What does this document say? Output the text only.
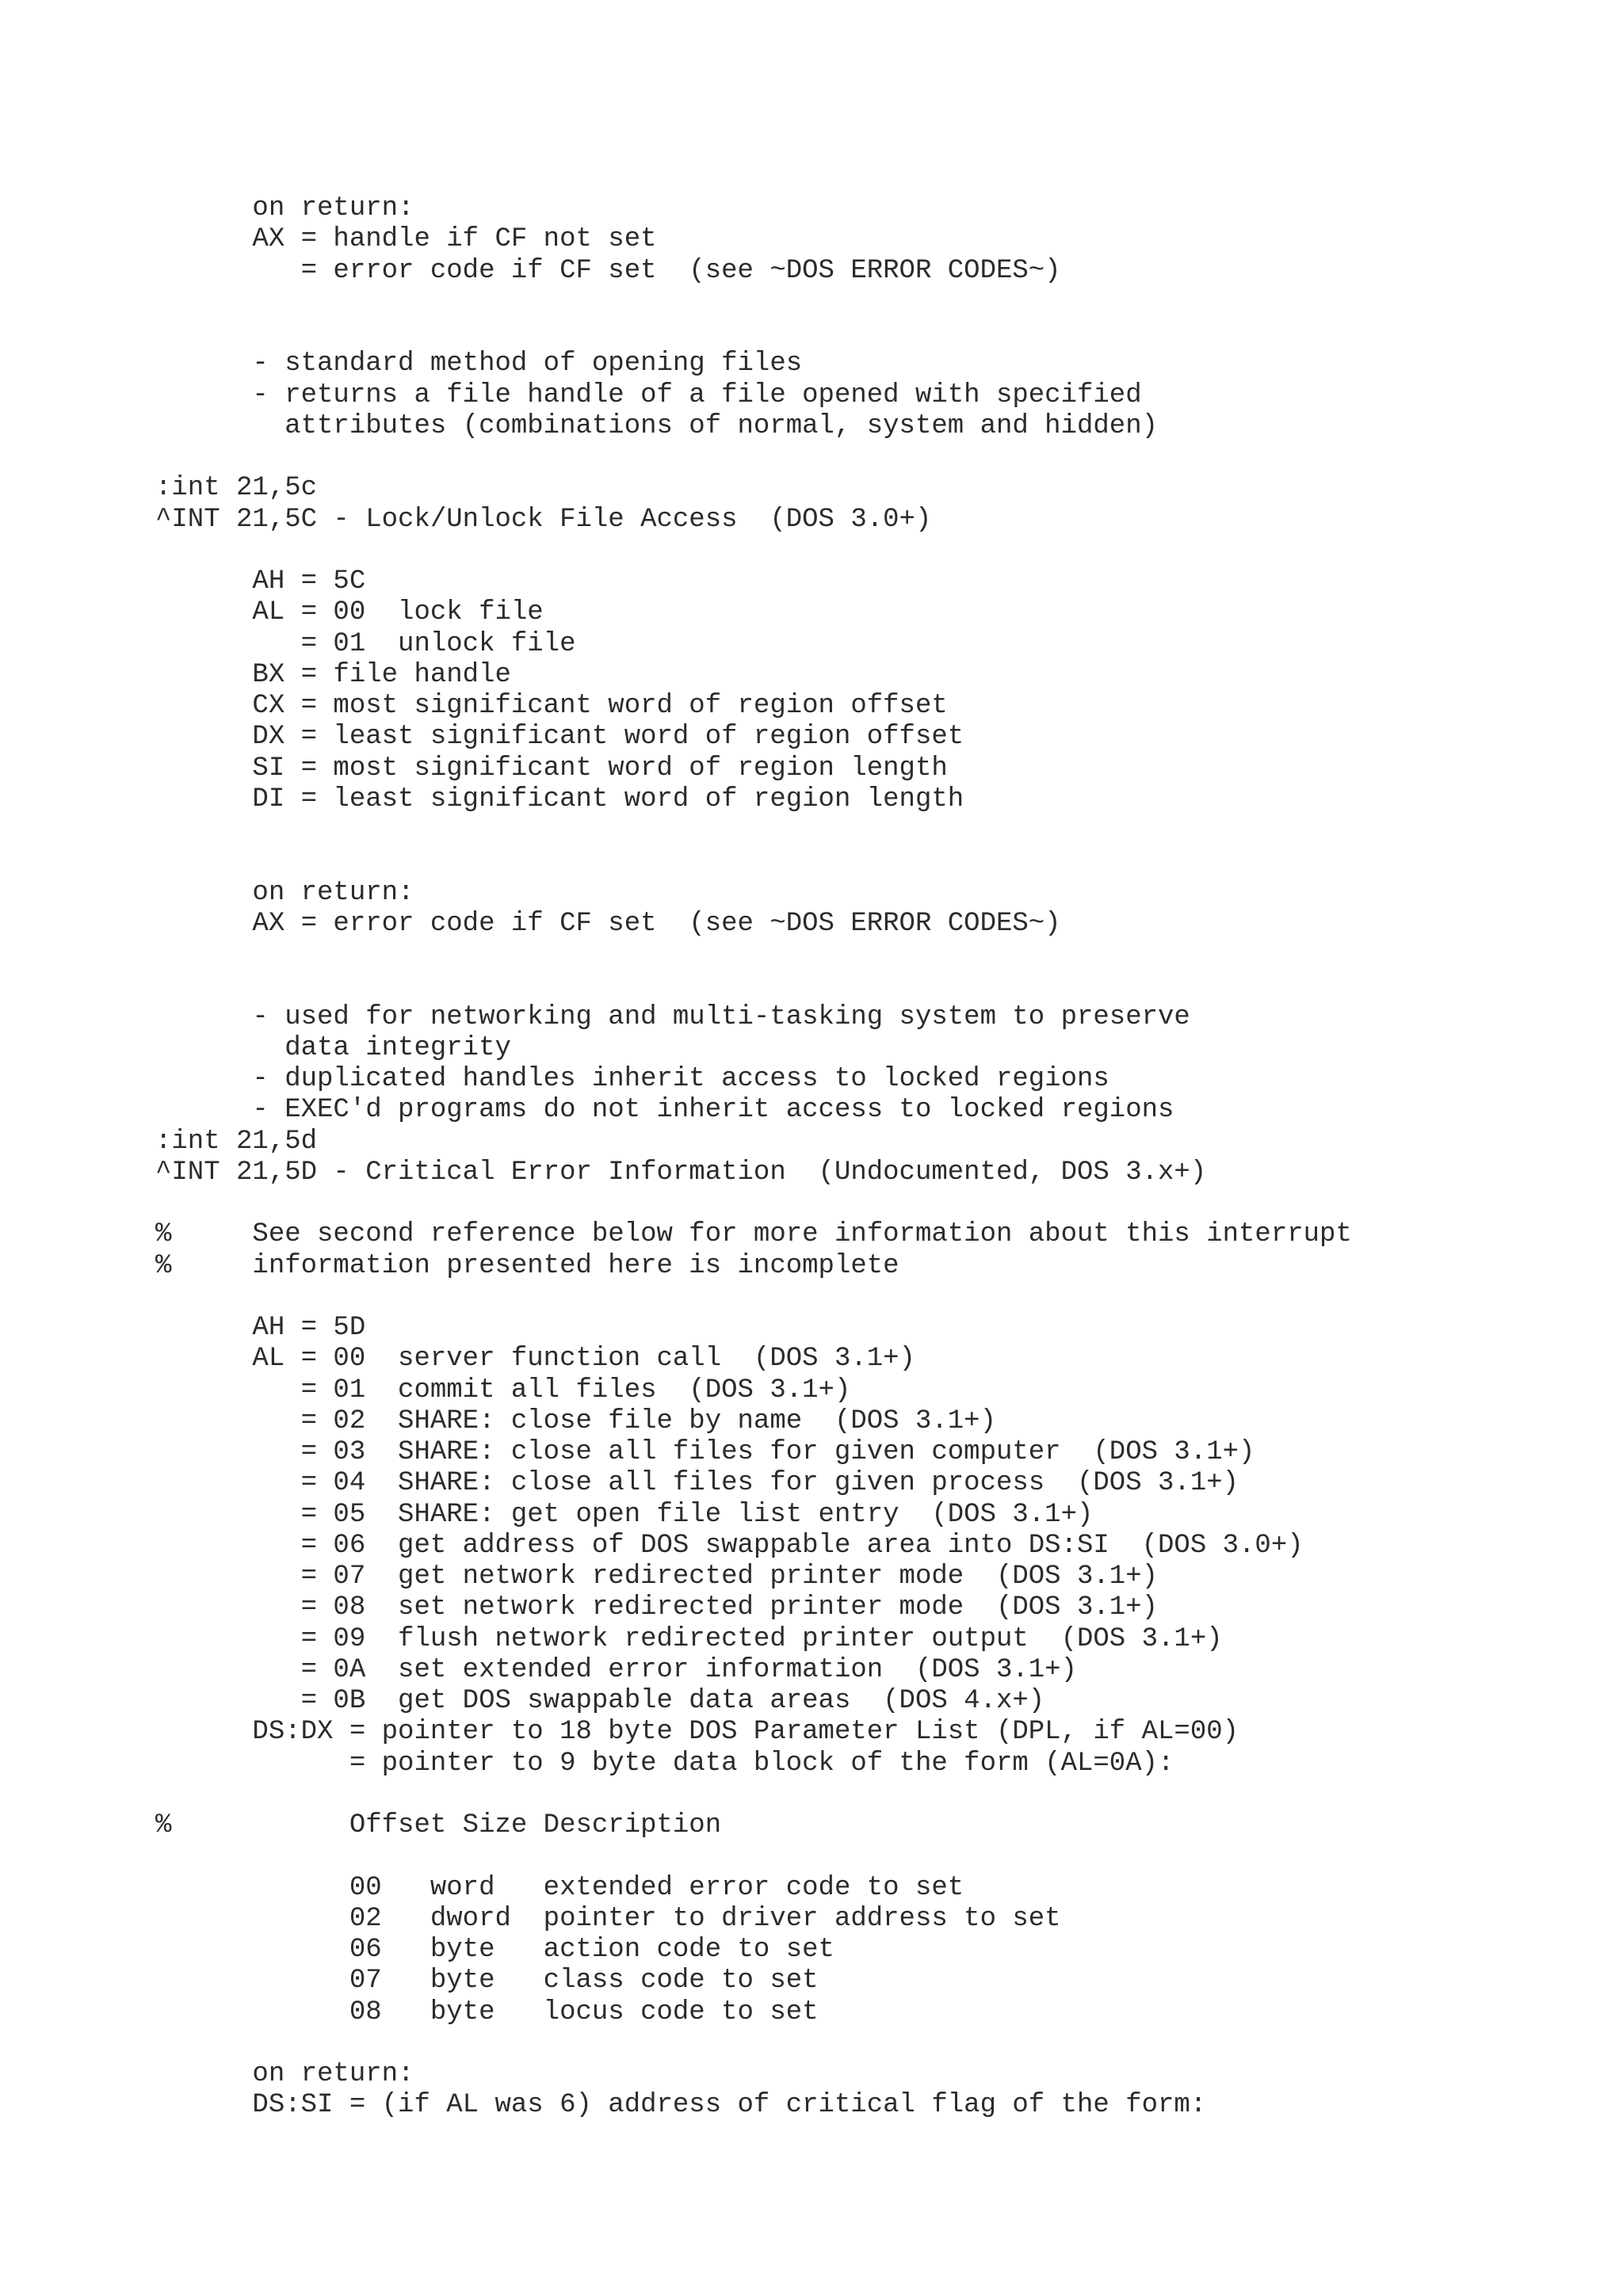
on return:
AX = handle if CF not set
= error code if CF set  (see ~DOS ERROR CODES~)

- standard method of opening files
- returns a file handle of a file opened with specified
attributes (combinations of normal, system and hidden)

:int 21,5c
^INT 21,5C - Lock/Unlock File Access  (DOS 3.0+)

AH = 5C
AL = 00  lock file
= 01  unlock file
BX = file handle
CX = most significant word of region offset
DX = least significant word of region offset
SI = most significant word of region length
DI = least significant word of region length

on return:
AX = error code if CF set  (see ~DOS ERROR CODES~)

- used for networking and multi-tasking system to preserve
data integrity
- duplicated handles inherit access to locked regions
- EXEC'd programs do not inherit access to locked regions
:int 21,5d
^INT 21,5D - Critical Error Information  (Undocumented, DOS 3.x+)

%     See second reference below for more information about this interrupt
%     information presented here is incomplete

AH = 5D
AL = 00  server function call  (DOS 3.1+)
= 01  commit all files  (DOS 3.1+)
= 02  SHARE: close file by name  (DOS 3.1+)
= 03  SHARE: close all files for given computer  (DOS 3.1+)
= 04  SHARE: close all files for given process  (DOS 3.1+)
= 05  SHARE: get open file list entry  (DOS 3.1+)
= 06  get address of DOS swappable area into DS:SI  (DOS 3.0+)
= 07  get network redirected printer mode  (DOS 3.1+)
= 08  set network redirected printer mode  (DOS 3.1+)
= 09  flush network redirected printer output  (DOS 3.1+)
= 0A  set extended error information  (DOS 3.1+)
= 0B  get DOS swappable data areas  (DOS 4.x+)
DS:DX = pointer to 18 byte DOS Parameter List (DPL, if AL=00)
= pointer to 9 byte data block of the form (AL=0A):

%           Offset Size Description

00   word   extended error code to set
02   dword  pointer to driver address to set
06   byte   action code to set
07   byte   class code to set
08   byte   locus code to set

on return:
DS:SI = (if AL was 6) address of critical flag of the form:
